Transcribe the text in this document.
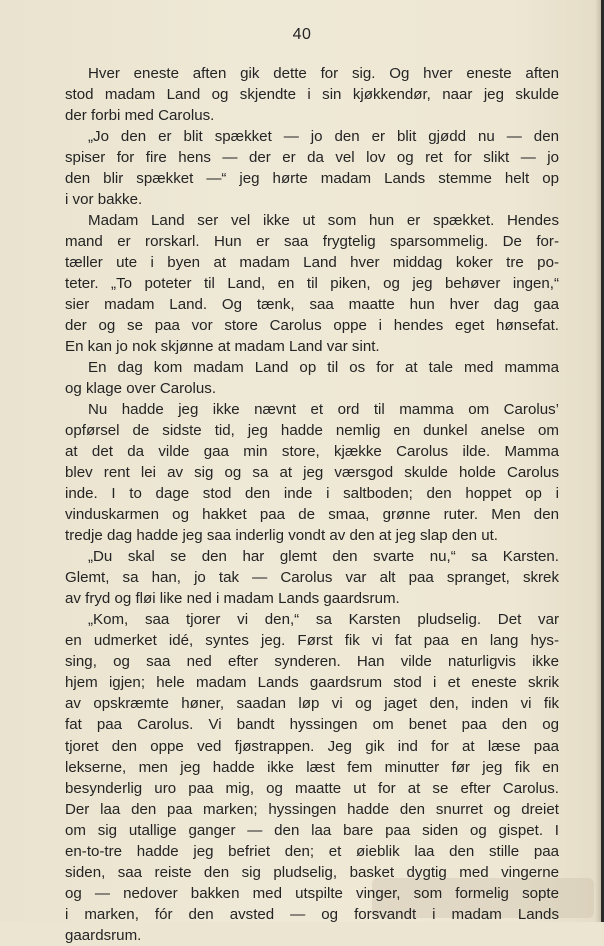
40
Hver eneste aften gik dette for sig. Og hver eneste aften
stod madam Land og skjendte i sin kjøkkendør, naar jeg skulde
der forbi med Carolus.
„Jo den er blit spækket — jo den er blit gjødd nu — den
spiser for fire hens — der er da vel lov og ret for slikt — jo
den blir spækket —“ jeg hørte madam Lands stemme helt op
i vor bakke.
Madam Land ser vel ikke ut som hun er spækket. Hendes
mand er rorskarl. Hun er saa frygtelig sparsommelig. De for-
tæller ute i byen at madam Land hver middag koker tre po-
teter. „To poteter til Land, en til piken, og jeg behøver ingen,“
sier madam Land. Og tænk, saa maatte hun hver dag gaa
der og se paa vor store Carolus oppe i hendes eget hønsefat.
En kan jo nok skjønne at madam Land var sint.
En dag kom madam Land op til os for at tale med mamma
og klage over Carolus.
Nu hadde jeg ikke nævnt et ord til mamma om Carolus’
opførsel de sidste tid, jeg hadde nemlig en dunkel anelse om
at det da vilde gaa min store, kjække Carolus ilde. Mamma
blev rent lei av sig og sa at jeg værsgod skulde holde Carolus
inde. I to dage stod den inde i saltboden; den hoppet op i
vinduskarmen og hakket paa de smaa, grønne ruter. Men den
tredje dag hadde jeg saa inderlig vondt av den at jeg slap den ut.
„Du skal se den har glemt den svarte nu,“ sa Karsten.
Glemt, sa han, jo tak — Carolus var alt paa spranget, skrek
av fryd og fløi like ned i madam Lands gaardsrum.
„Kom, saa tjorer vi den,“ sa Karsten pludselig. Det var
en udmerket idé, syntes jeg. Først fik vi fat paa en lang hys-
sing, og saa ned efter synderen. Han vilde naturligvis ikke
hjem igjen; hele madam Lands gaardsrum stod i et eneste skrik
av opskræmte høner, saadan løp vi og jaget den, inden vi fik
fat paa Carolus. Vi bandt hyssingen om benet paa den og
tjoret den oppe ved fjøstrappen. Jeg gik ind for at læse paa
lekserne, men jeg hadde ikke læst fem minutter før jeg fik en
besynderlig uro paa mig, og maatte ut for at se efter Carolus.
Der laa den paa marken; hyssingen hadde den snurret og dreiet
om sig utallige ganger — den laa bare paa siden og gispet. I
en-to-tre hadde jeg befriet den; et øieblik laa den stille paa
siden, saa reiste den sig pludselig, basket dygtig med vingerne
og — nedover bakken med utspilte vinger, som formelig sopte
i marken, fór den avsted — og forsvandt i madam Lands
gaardsrum.
